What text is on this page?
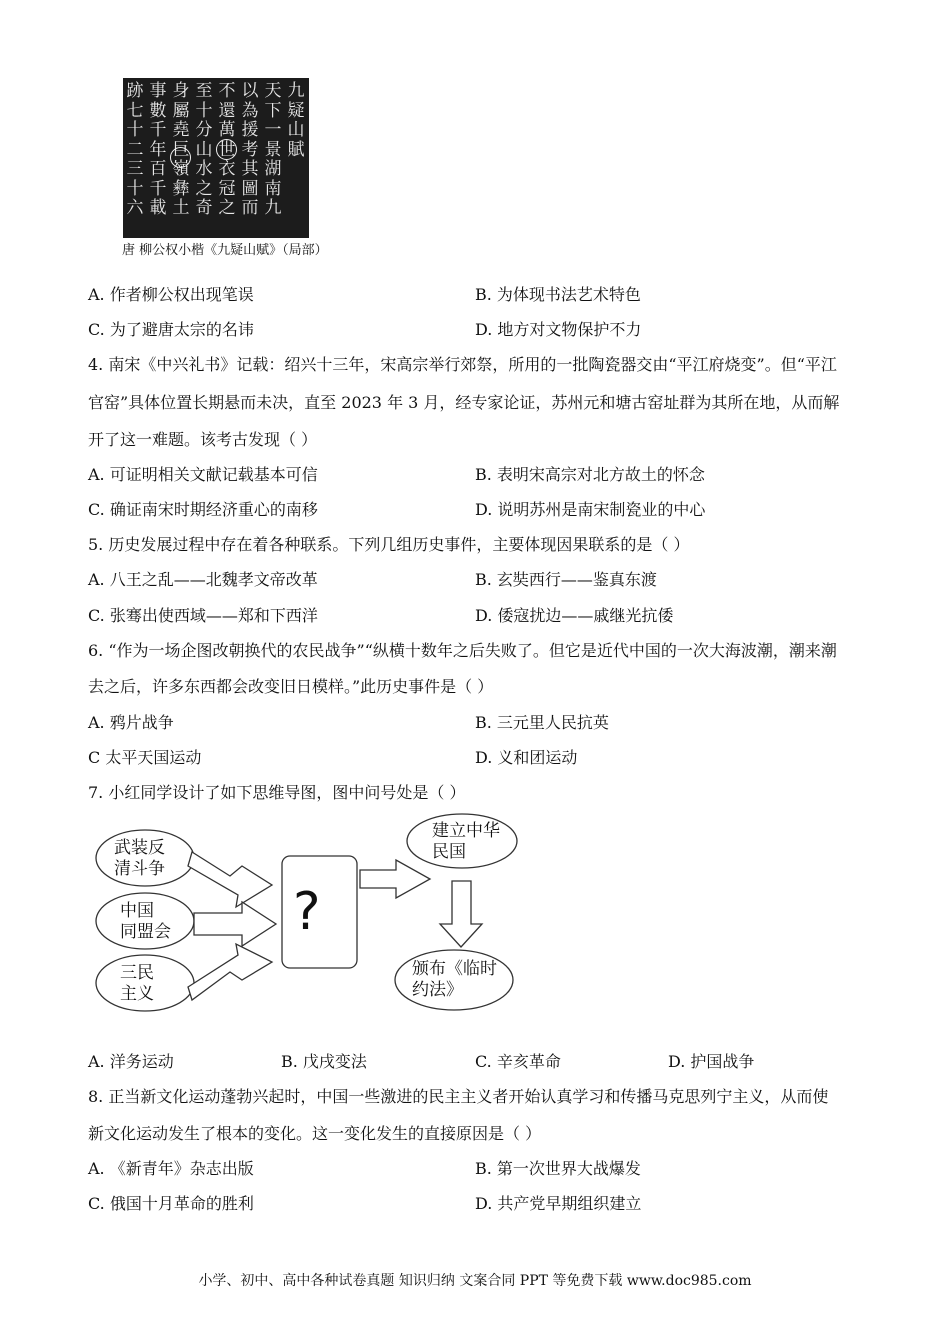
九
疑
山
賦
天
下
一
景
湖
南
九
以
為
援
考
其
圖
而
不
還
萬
世
衣
冠
之
至
十
分
山
水
之
奇
身
屬
堯
巨
嶺
彝
土
事
數
千
年
百
千
載
跡
七
十
二
三
十
六
唐 柳公权小楷《九疑山赋》（局部）
A. 作者柳公权出现笔误	B. 为体现书法艺术特色
C. 为了避唐太宗的名讳	D. 地方对文物保护不力
4. 南宋《中兴礼书》记载：绍兴十三年，宋高宗举行郊祭，所用的一批陶瓷器交由“平江府烧变”。但“平江
官窑”具体位置长期悬而未决，直至 2023 年 3 月，经专家论证，苏州元和塘古窑址群为其所在地，从而解
开了这一难题。该考古发现（ ）
A. 可证明相关文献记载基本可信	B. 表明宋高宗对北方故土的怀念
C. 确证南宋时期经济重心的南移	D. 说明苏州是南宋制瓷业的中心
5. 历史发展过程中存在着各种联系。下列几组历史事件，主要体现因果联系的是（ ）
A. 八王之乱——北魏孝文帝改革	B. 玄奘西行——鉴真东渡
C. 张骞出使西域——郑和下西洋	D. 倭寇扰边——戚继光抗倭
6. “作为一场企图改朝换代的农民战争”“纵横十数年之后失败了。但它是近代中国的一次大海波潮，潮来潮
去之后，许多东西都会改变旧日模样。”此历史事件是（ ）
A. 鸦片战争	B. 三元里人民抗英
C 太平天国运动	D. 义和团运动
7. 小红同学设计了如下思维导图，图中问号处是（ ）
武装反
清斗争
中国
同盟会
三民
主义
?
建立中华
民国
颁布《临时
约法》
A. 洋务运动	B. 戊戌变法	C. 辛亥革命	D. 护国战争
8. 正当新文化运动蓬勃兴起时，中国一些激进的民主主义者开始认真学习和传播马克思列宁主义，从而使
新文化运动发生了根本的变化。这一变化发生的直接原因是（ ）
A. 《新青年》杂志出版	B. 第一次世界大战爆发
C. 俄国十月革命的胜利	D. 共产党早期组织建立
小学、初中、高中各种试卷真题 知识归纳 文案合同 PPT 等免费下载 www.doc985.com
